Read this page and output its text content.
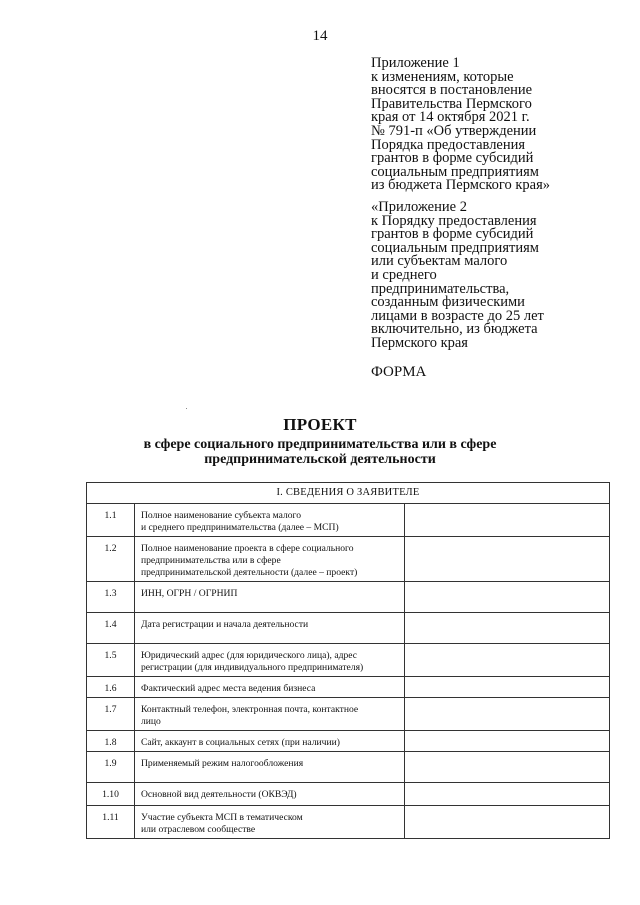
14
Приложение 1
к изменениям, которые
вносятся в постановление
Правительства Пермского
края от 14 октября 2021 г.
№ 791-п «Об утверждении
Порядка предоставления
грантов в форме субсидий
социальным предприятиям
из бюджета Пермского края»
«Приложение 2
к Порядку предоставления
грантов в форме субсидий
социальным предприятиям
или субъектам малого
и среднего
предпринимательства,
созданным физическими
лицами в возрасте до 25 лет
включительно, из бюджета
Пермского края
ФОРМА
ПРОЕКТ
в сфере социального предпринимательства или в сфере
предпринимательской деятельности
I. СВЕДЕНИЯ О ЗАЯВИТЕЛЕ		
1.1	Полное наименование субъекта малого
и среднего предпринимательства (далее – МСП)	

1.2	Полное наименование проекта в сфере социального
предпринимательства или в сфере
предпринимательской деятельности (далее – проект)	

1.3	ИНН, ОГРН / ОГРНИП	

1.4	Дата регистрации и начала деятельности	

1.5	Юридический адрес (для юридического лица), адрес
регистрации (для индивидуального предпринимателя)	

1.6	Фактический адрес места ведения бизнеса	

1.7	Контактный телефон, электронная почта, контактное
лицо	

1.8	Сайт, аккаунт в социальных сетях (при наличии)	

1.9	Применяемый режим налогообложения	

1.10	Основной вид деятельности (ОКВЭД)	

1.11	Участие субъекта МСП в тематическом
или отраслевом сообществе	
